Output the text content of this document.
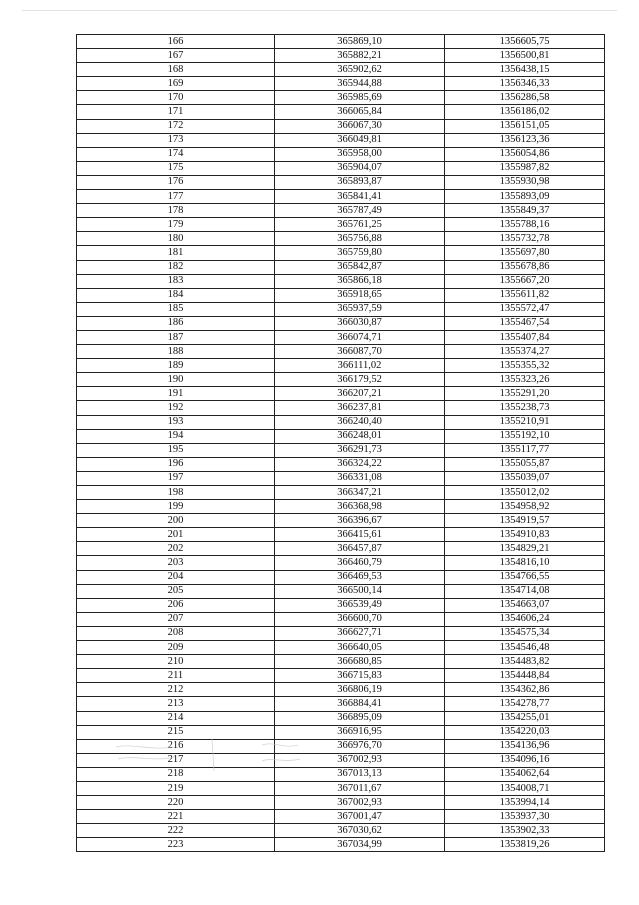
166	365869,10	1356605,75
167	365882,21	1356500,81
168	365902,62	1356438,15
169	365944,88	1356346,33
170	365985,69	1356286,58
171	366065,84	1356186,02
172	366067,30	1356151,05
173	366049,81	1356123,36
174	365958,00	1356054,86
175	365904,07	1355987,82
176	365893,87	1355930,98
177	365841,41	1355893,09
178	365787,49	1355849,37
179	365761,25	1355788,16
180	365756,88	1355732,78
181	365759,80	1355697,80
182	365842,87	1355678,86
183	365866,18	1355667,20
184	365918,65	1355611,82
185	365937,59	1355572,47
186	366030,87	1355467,54
187	366074,71	1355407,84
188	366087,70	1355374,27
189	366111,02	1355355,32
190	366179,52	1355323,26
191	366207,21	1355291,20
192	366237,81	1355238,73
193	366240,40	1355210,91
194	366248,01	1355192,10
195	366291,73	1355117,77
196	366324,22	1355055,87
197	366331,08	1355039,07
198	366347,21	1355012,02
199	366368,98	1354958,92
200	366396,67	1354919,57
201	366415,61	1354910,83
202	366457,87	1354829,21
203	366460,79	1354816,10
204	366469,53	1354766,55
205	366500,14	1354714,08
206	366539,49	1354663,07
207	366600,70	1354606,24
208	366627,71	1354575,34
209	366640,05	1354546,48
210	366680,85	1354483,82
211	366715,83	1354448,84
212	366806,19	1354362,86
213	366884,41	1354278,77
214	366895,09	1354255,01
215	366916,95	1354220,03
216	366976,70	1354136,96
217	367002,93	1354096,16
218	367013,13	1354062,64
219	367011,67	1354008,71
220	367002,93	1353994,14
221	367001,47	1353937,30
222	367030,62	1353902,33
223	367034,99	1353819,26
